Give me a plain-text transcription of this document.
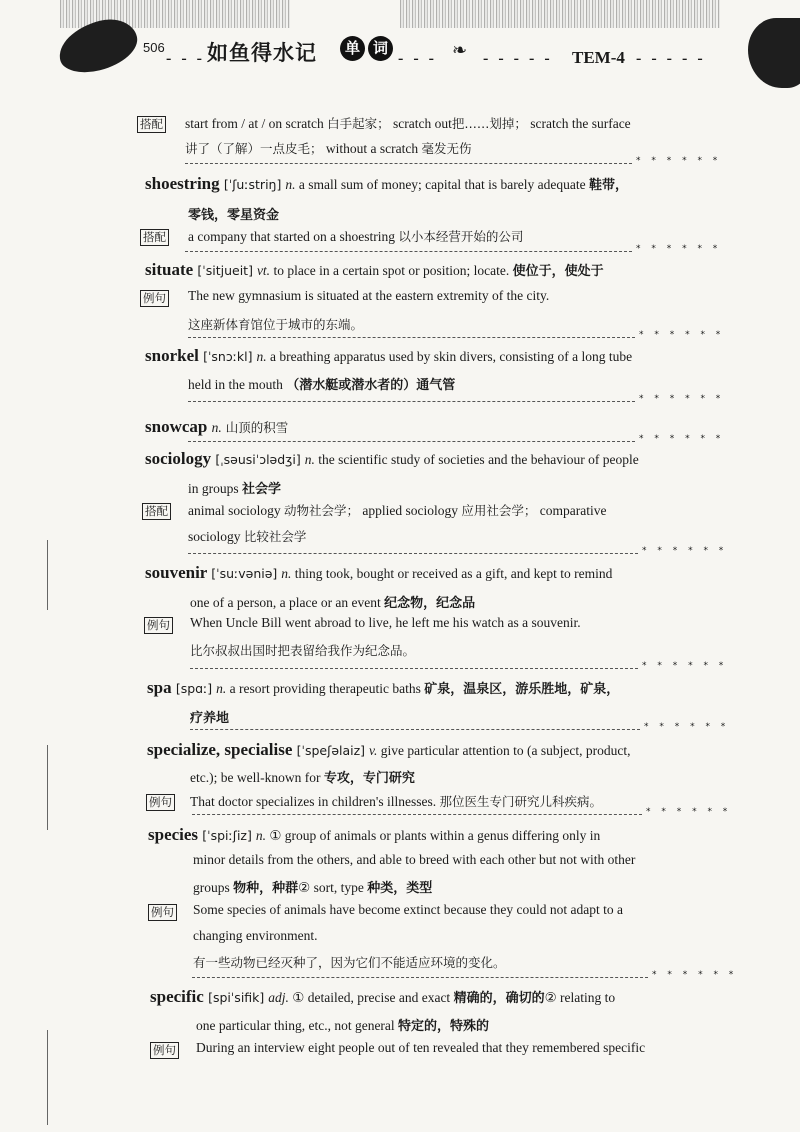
506
- - - 如鱼得水记	单 词
- - - ❧ - - - - - TEM-4 - - - - -
搭配 start from / at / on scratch 白手起家； scratch out把……划掉； scratch the surface
讲了（了解）一点皮毛； without a scratch 毫发无伤
shoestring [ˈʃuːstriŋ] n. a small sum of money; capital that is barely adequate 鞋带，
零钱，零星资金
搭配 a company that started on a shoestring 以小本经营开始的公司
situate [ˈsitjueit] vt. to place in a certain spot or position; locate. 使位于，使处于
例句 The new gymnasium is situated at the eastern extremity of the city.
这座新体育馆位于城市的东端。
snorkel [ˈsnɔːkl] n. a breathing apparatus used by skin divers, consisting of a long tube
held in the mouth （潜水艇或潜水者的）通气管
snowcap n. 山顶的积雪
sociology [ˌsəusiˈɔlədʒi] n. the scientific study of societies and the behaviour of people
in groups 社会学
搭配 animal sociology 动物社会学； applied sociology 应用社会学； comparative
sociology 比较社会学
souvenir [ˈsuːvəniə] n. thing took, bought or received as a gift, and kept to remind
one of a person, a place or an event 纪念物，纪念品
例句 When Uncle Bill went abroad to live, he left me his watch as a souvenir.
比尔叔叔出国时把表留给我作为纪念品。
spa [spɑː] n. a resort providing therapeutic baths 矿泉，温泉区，游乐胜地，矿泉，
疗养地
specialize, specialise [ˈspeʃəlaiz] v. give particular attention to (a subject, product,
etc.); be well-known for 专攻，专门研究
例句 That doctor specializes in children's illnesses. 那位医生专门研究儿科疾病。
species [ˈspiːʃiz] n. ① group of animals or plants within a genus differing only in
minor details from the others, and able to breed with each other but not with other
groups 物种，种群② sort, type 种类，类型
例句 Some species of animals have become extinct because they could not adapt to a
changing environment.
有一些动物已经灭种了，因为它们不能适应环境的变化。
specific [spiˈsifik] adj. ① detailed, precise and exact 精确的，确切的② relating to
one particular thing, etc., not general 特定的，特殊的
例句 During an interview eight people out of ten revealed that they remembered specific
* * * * * *
* * * * * *
* * * * * *
* * * * * *
* * * * * *
* * * * * *
* * * * * *
* * * * * *
* * * * * *
* * * * * *
